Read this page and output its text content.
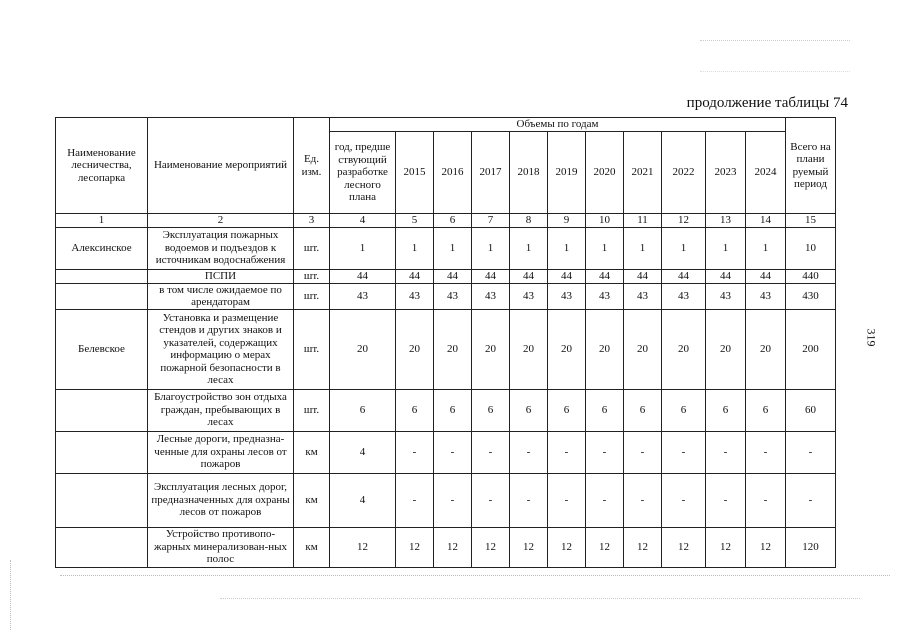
продолжение таблицы 74
319
Наименование лесничества, лесопарка	Наименование мероприятий	Ед. изм.	Объемы по годам											Всего на плани руемый период
			год, предше ствующий разработке лесного плана	2015	2016	2017	2018	2019	2020	2021	2022	2023	2024	
1	2	3	4	5	6	7	8	9	10	11	12	13	14	15
Алексинское	Эксплуатация пожарных водоемов и подъездов к источникам водоснабжения	шт.	1	1	1	1	1	1	1	1	1	1	1	10
	ПСПИ	шт.	44	44	44	44	44	44	44	44	44	44	44	440
	в том числе ожидаемое по арендаторам	шт.	43	43	43	43	43	43	43	43	43	43	43	430
Белевское	Установка и размещение стендов и других знаков и указателей, содержащих информацию о мерах пожарной безопасности в лесах	шт.	20	20	20	20	20	20	20	20	20	20	20	200
	Благоустройство зон отдыха граждан, пребывающих в лесах	шт.	6	6	6	6	6	6	6	6	6	6	6	60
	Лесные дороги, предназна-ченные для охраны лесов от пожаров	км	4	-	-	-	-	-	-	-	-	-	-	-
	Эксплуатация лесных дорог, предназначенных для охраны лесов от пожаров	км	4	-	-	-	-	-	-	-	-	-	-	-
	Устройство противопо-жарных минерализован-ных полос	км	12	12	12	12	12	12	12	12	12	12	12	120
